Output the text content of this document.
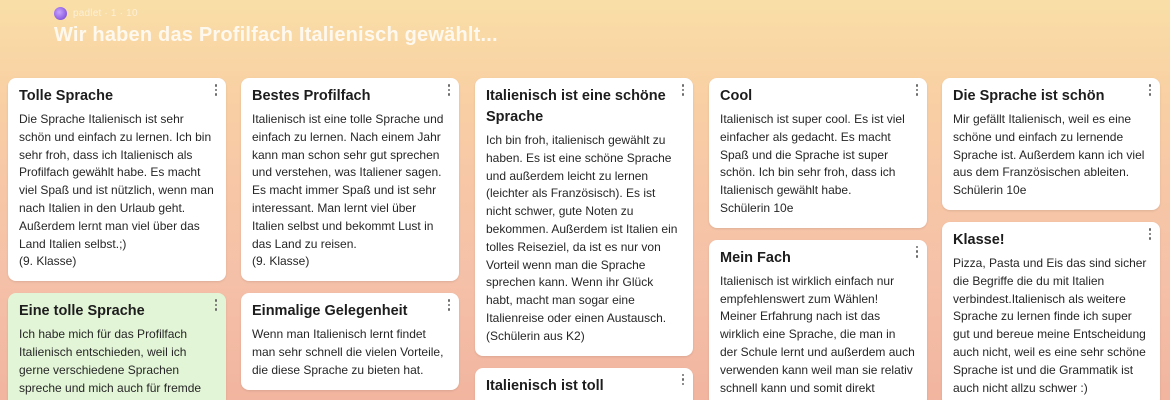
padlet · 1 · 10
Wir haben das Profilfach Italienisch gewählt...
Tolle Sprache
Die Sprache Italienisch ist sehr schön und einfach zu lernen. Ich bin sehr froh, dass ich Italienisch als Profilfach gewählt habe. Es macht viel Spaß und ist nützlich, wenn man nach Italien in den Urlaub geht. Außerdem lernt man viel über das Land Italien selbst.;)
(9. Klasse)
Eine tolle Sprache
Ich habe mich für das Profilfach Italienisch entschieden, weil ich gerne verschiedene Sprachen spreche und mich auch für fremde
Bestes Profilfach
Italienisch ist eine tolle Sprache und einfach zu lernen. Nach einem Jahr kann man schon sehr gut sprechen und verstehen, was Italiener sagen. Es macht immer Spaß und ist sehr interessant. Man lernt viel über Italien selbst und bekommt Lust in das Land zu reisen.
(9. Klasse)
Einmalige Gelegenheit
Wenn man Italienisch lernt findet man sehr schnell die vielen Vorteile, die diese Sprache zu bieten hat.
Italienisch ist eine schöne Sprache
Ich bin froh, italienisch gewählt zu haben. Es ist eine schöne Sprache und außerdem leicht zu lernen (leichter als Französisch). Es ist nicht schwer, gute Noten zu bekommen. Außerdem ist Italien ein tolles Reiseziel, da ist es nur von Vorteil wenn man die Sprache sprechen kann. Wenn ihr Glück habt, macht man sogar eine Italienreise oder einen Austausch.
(Schülerin aus K2)
Italienisch ist toll
Cool
Italienisch ist super cool. Es ist viel einfacher als gedacht. Es macht Spaß und die Sprache ist super schön. Ich bin sehr froh, dass ich Italienisch gewählt habe.
Schülerin 10e
Mein Fach
Italienisch ist wirklich einfach nur empfehlenswert zum Wählen! Meiner Erfahrung nach ist das wirklich eine Sprache, die man in der Schule lernt und außerdem auch verwenden kann weil man sie relativ schnell kann und somit direkt
Die Sprache ist schön
Mir gefällt Italienisch, weil es eine schöne und einfach zu lernende Sprache ist. Außerdem kann ich viel aus dem Französischen ableiten.
Schülerin 10e
Klasse!
Pizza, Pasta und Eis das sind sicher die Begriffe die du mit Italien verbindest.Italienisch als weitere Sprache zu lernen finde ich super gut und bereue meine Entscheidung auch nicht, weil es eine sehr schöne Sprache ist und die Grammatik ist auch nicht allzu schwer :)
